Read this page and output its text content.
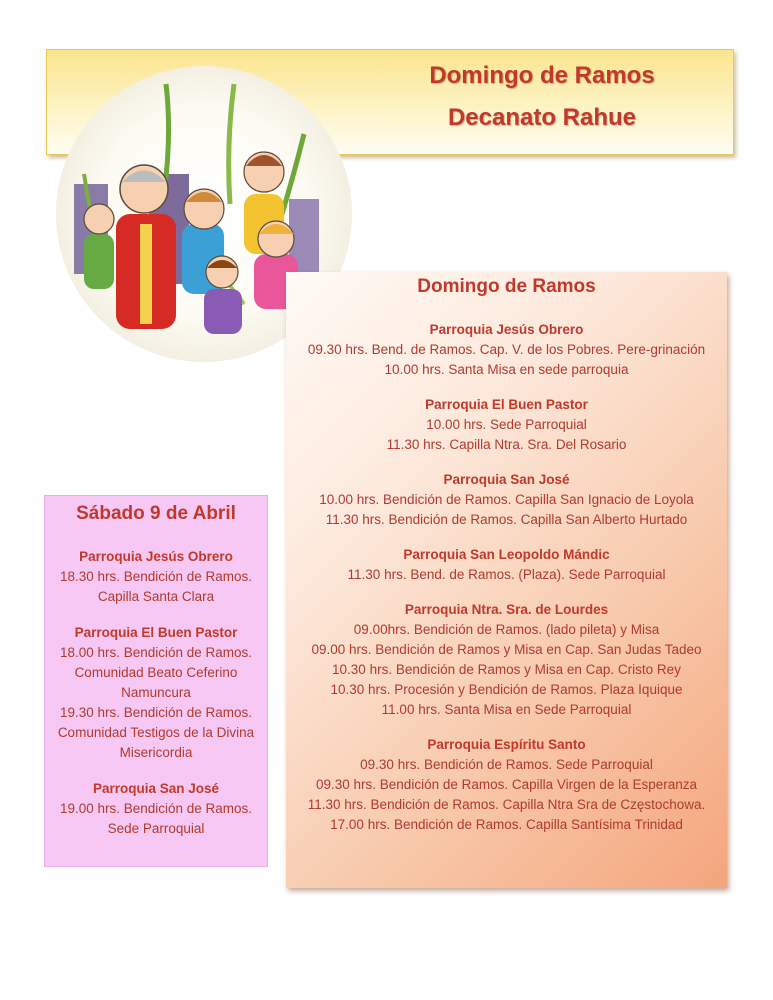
Domingo de Ramos
Decanato Rahue
Domingo de Ramos
Parroquia Jesús Obrero
09.30 hrs. Bend. de Ramos. Cap. V. de los Pobres. Pere-grinación
10.00 hrs. Santa Misa en sede parroquia
Parroquia El Buen Pastor
10.00 hrs. Sede Parroquial
11.30 hrs. Capilla Ntra. Sra. Del Rosario
Parroquia San José
10.00 hrs. Bendición de Ramos. Capilla San Ignacio de Loyola
11.30 hrs. Bendición de Ramos. Capilla San Alberto Hurtado
Parroquia San Leopoldo Mándic
11.30 hrs. Bend. de Ramos. (Plaza). Sede Parroquial
Parroquia Ntra. Sra. de Lourdes
09.00hrs. Bendición de Ramos. (lado pileta) y Misa
09.00 hrs. Bendición de Ramos y Misa en Cap. San Judas Tadeo
10.30 hrs. Bendición de Ramos y Misa en Cap. Cristo Rey
10.30 hrs. Procesión y Bendición de Ramos. Plaza Iquique
11.00 hrs. Santa Misa en Sede Parroquial
Parroquia Espíritu Santo
09.30 hrs. Bendición de Ramos. Sede Parroquial
09.30 hrs. Bendición de Ramos. Capilla Virgen de la Esperanza
11.30 hrs. Bendición de Ramos. Capilla Ntra Sra de Częstochowa.
17.00 hrs. Bendición de Ramos. Capilla Santísima Trinidad
Sábado 9 de Abril
Parroquia Jesús Obrero
18.30 hrs. Bendición de Ramos. Capilla Santa Clara
Parroquia El Buen Pastor
18.00 hrs. Bendición de Ramos. Comunidad Beato Ceferino Namuncura
19.30 hrs. Bendición de Ramos. Comunidad Testigos de la Divina Misericordia
Parroquia San José
19.00 hrs. Bendición de Ramos. Sede Parroquial
